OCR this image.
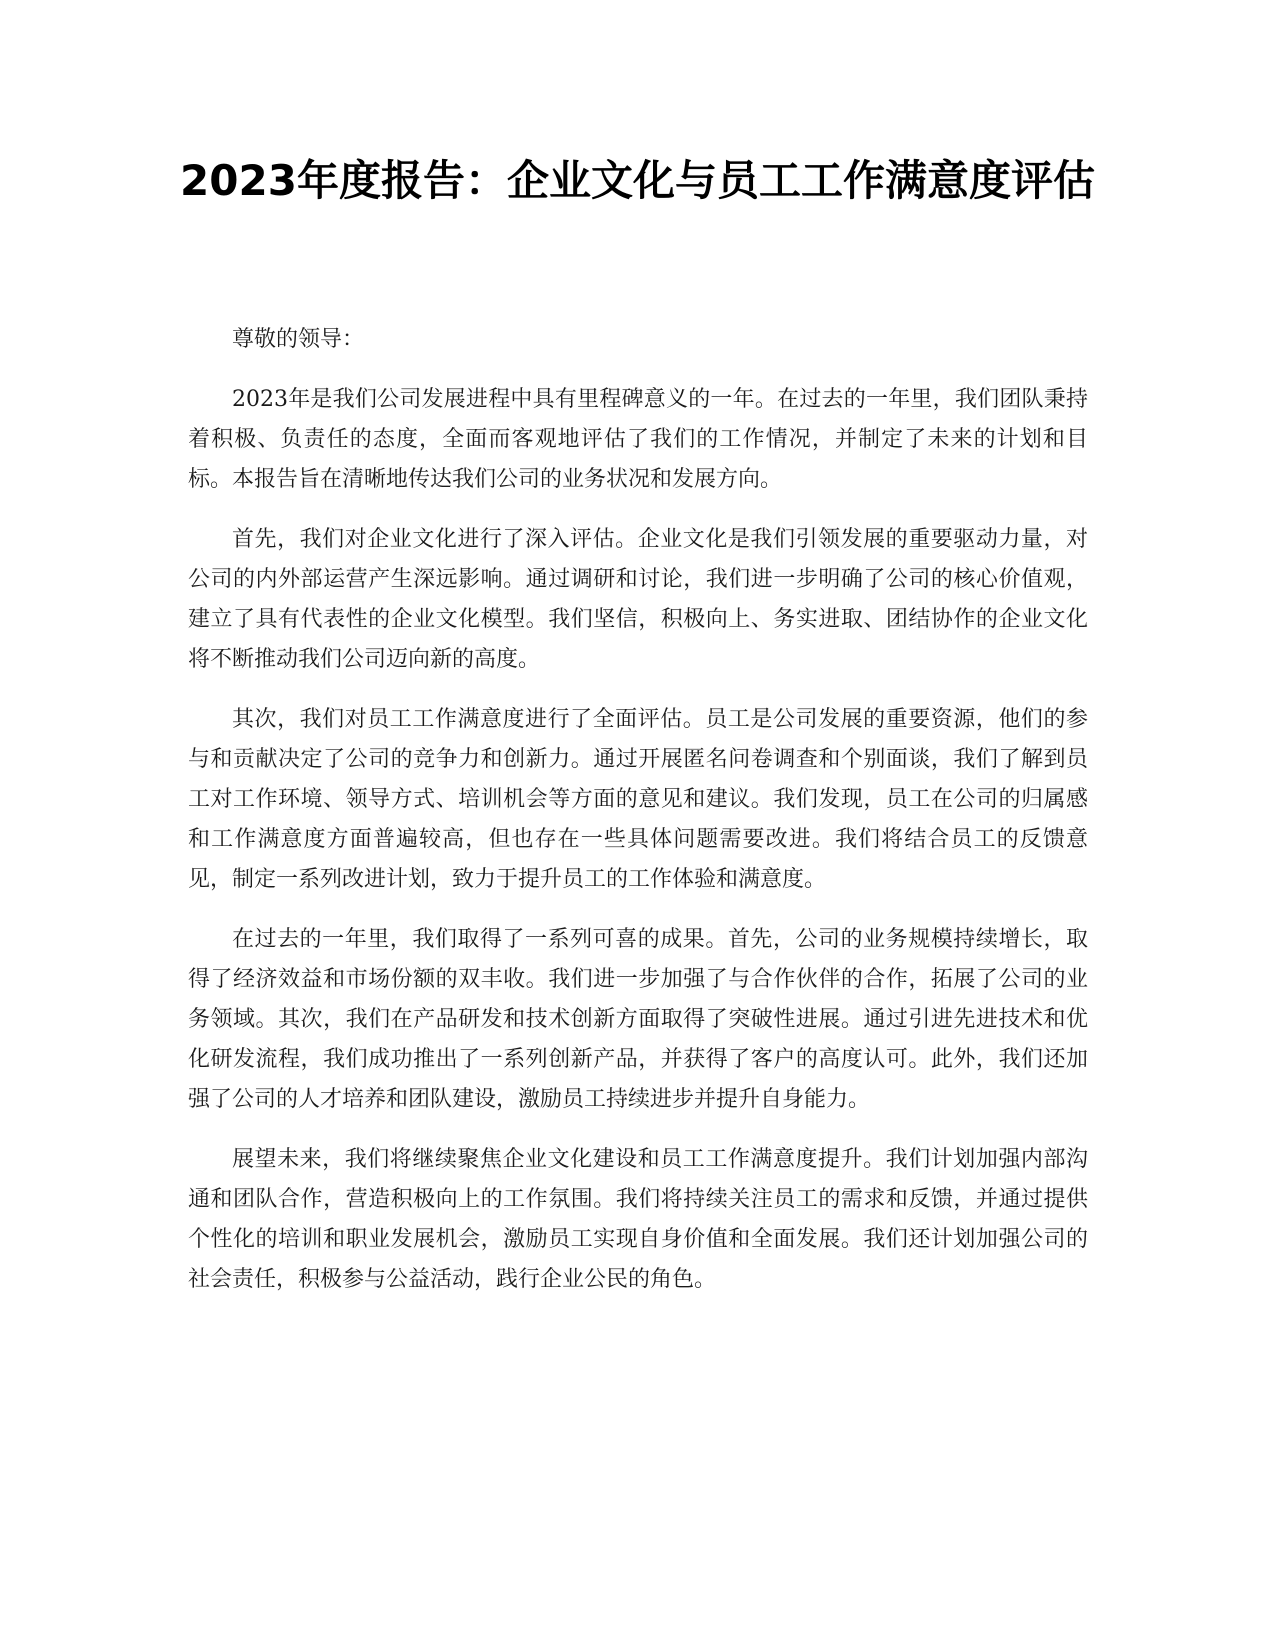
2023年度报告：企业文化与员工工作满意度评估

尊敬的领导：

2023年是我们公司发展进程中具有里程碑意义的一年。在过去的一年里，我们团队秉持着积极、负责任的态度，全面而客观地评估了我们的工作情况，并制定了未来的计划和目标。本报告旨在清晰地传达我们公司的业务状况和发展方向。

首先，我们对企业文化进行了深入评估。企业文化是我们引领发展的重要驱动力量，对公司的内外部运营产生深远影响。通过调研和讨论，我们进一步明确了公司的核心价值观，建立了具有代表性的企业文化模型。我们坚信，积极向上、务实进取、团结协作的企业文化将不断推动我们公司迈向新的高度。

其次，我们对员工工作满意度进行了全面评估。员工是公司发展的重要资源，他们的参与和贡献决定了公司的竞争力和创新力。通过开展匿名问卷调查和个别面谈，我们了解到员工对工作环境、领导方式、培训机会等方面的意见和建议。我们发现，员工在公司的归属感和工作满意度方面普遍较高，但也存在一些具体问题需要改进。我们将结合员工的反馈意见，制定一系列改进计划，致力于提升员工的工作体验和满意度。

在过去的一年里，我们取得了一系列可喜的成果。首先，公司的业务规模持续增长，取得了经济效益和市场份额的双丰收。我们进一步加强了与合作伙伴的合作，拓展了公司的业务领域。其次，我们在产品研发和技术创新方面取得了突破性进展。通过引进先进技术和优化研发流程，我们成功推出了一系列创新产品，并获得了客户的高度认可。此外，我们还加强了公司的人才培养和团队建设，激励员工持续进步并提升自身能力。

展望未来，我们将继续聚焦企业文化建设和员工工作满意度提升。我们计划加强内部沟通和团队合作，营造积极向上的工作氛围。我们将持续关注员工的需求和反馈，并通过提供个性化的培训和职业发展机会，激励员工实现自身价值和全面发展。我们还计划加强公司的社会责任，积极参与公益活动，践行企业公民的角色。
